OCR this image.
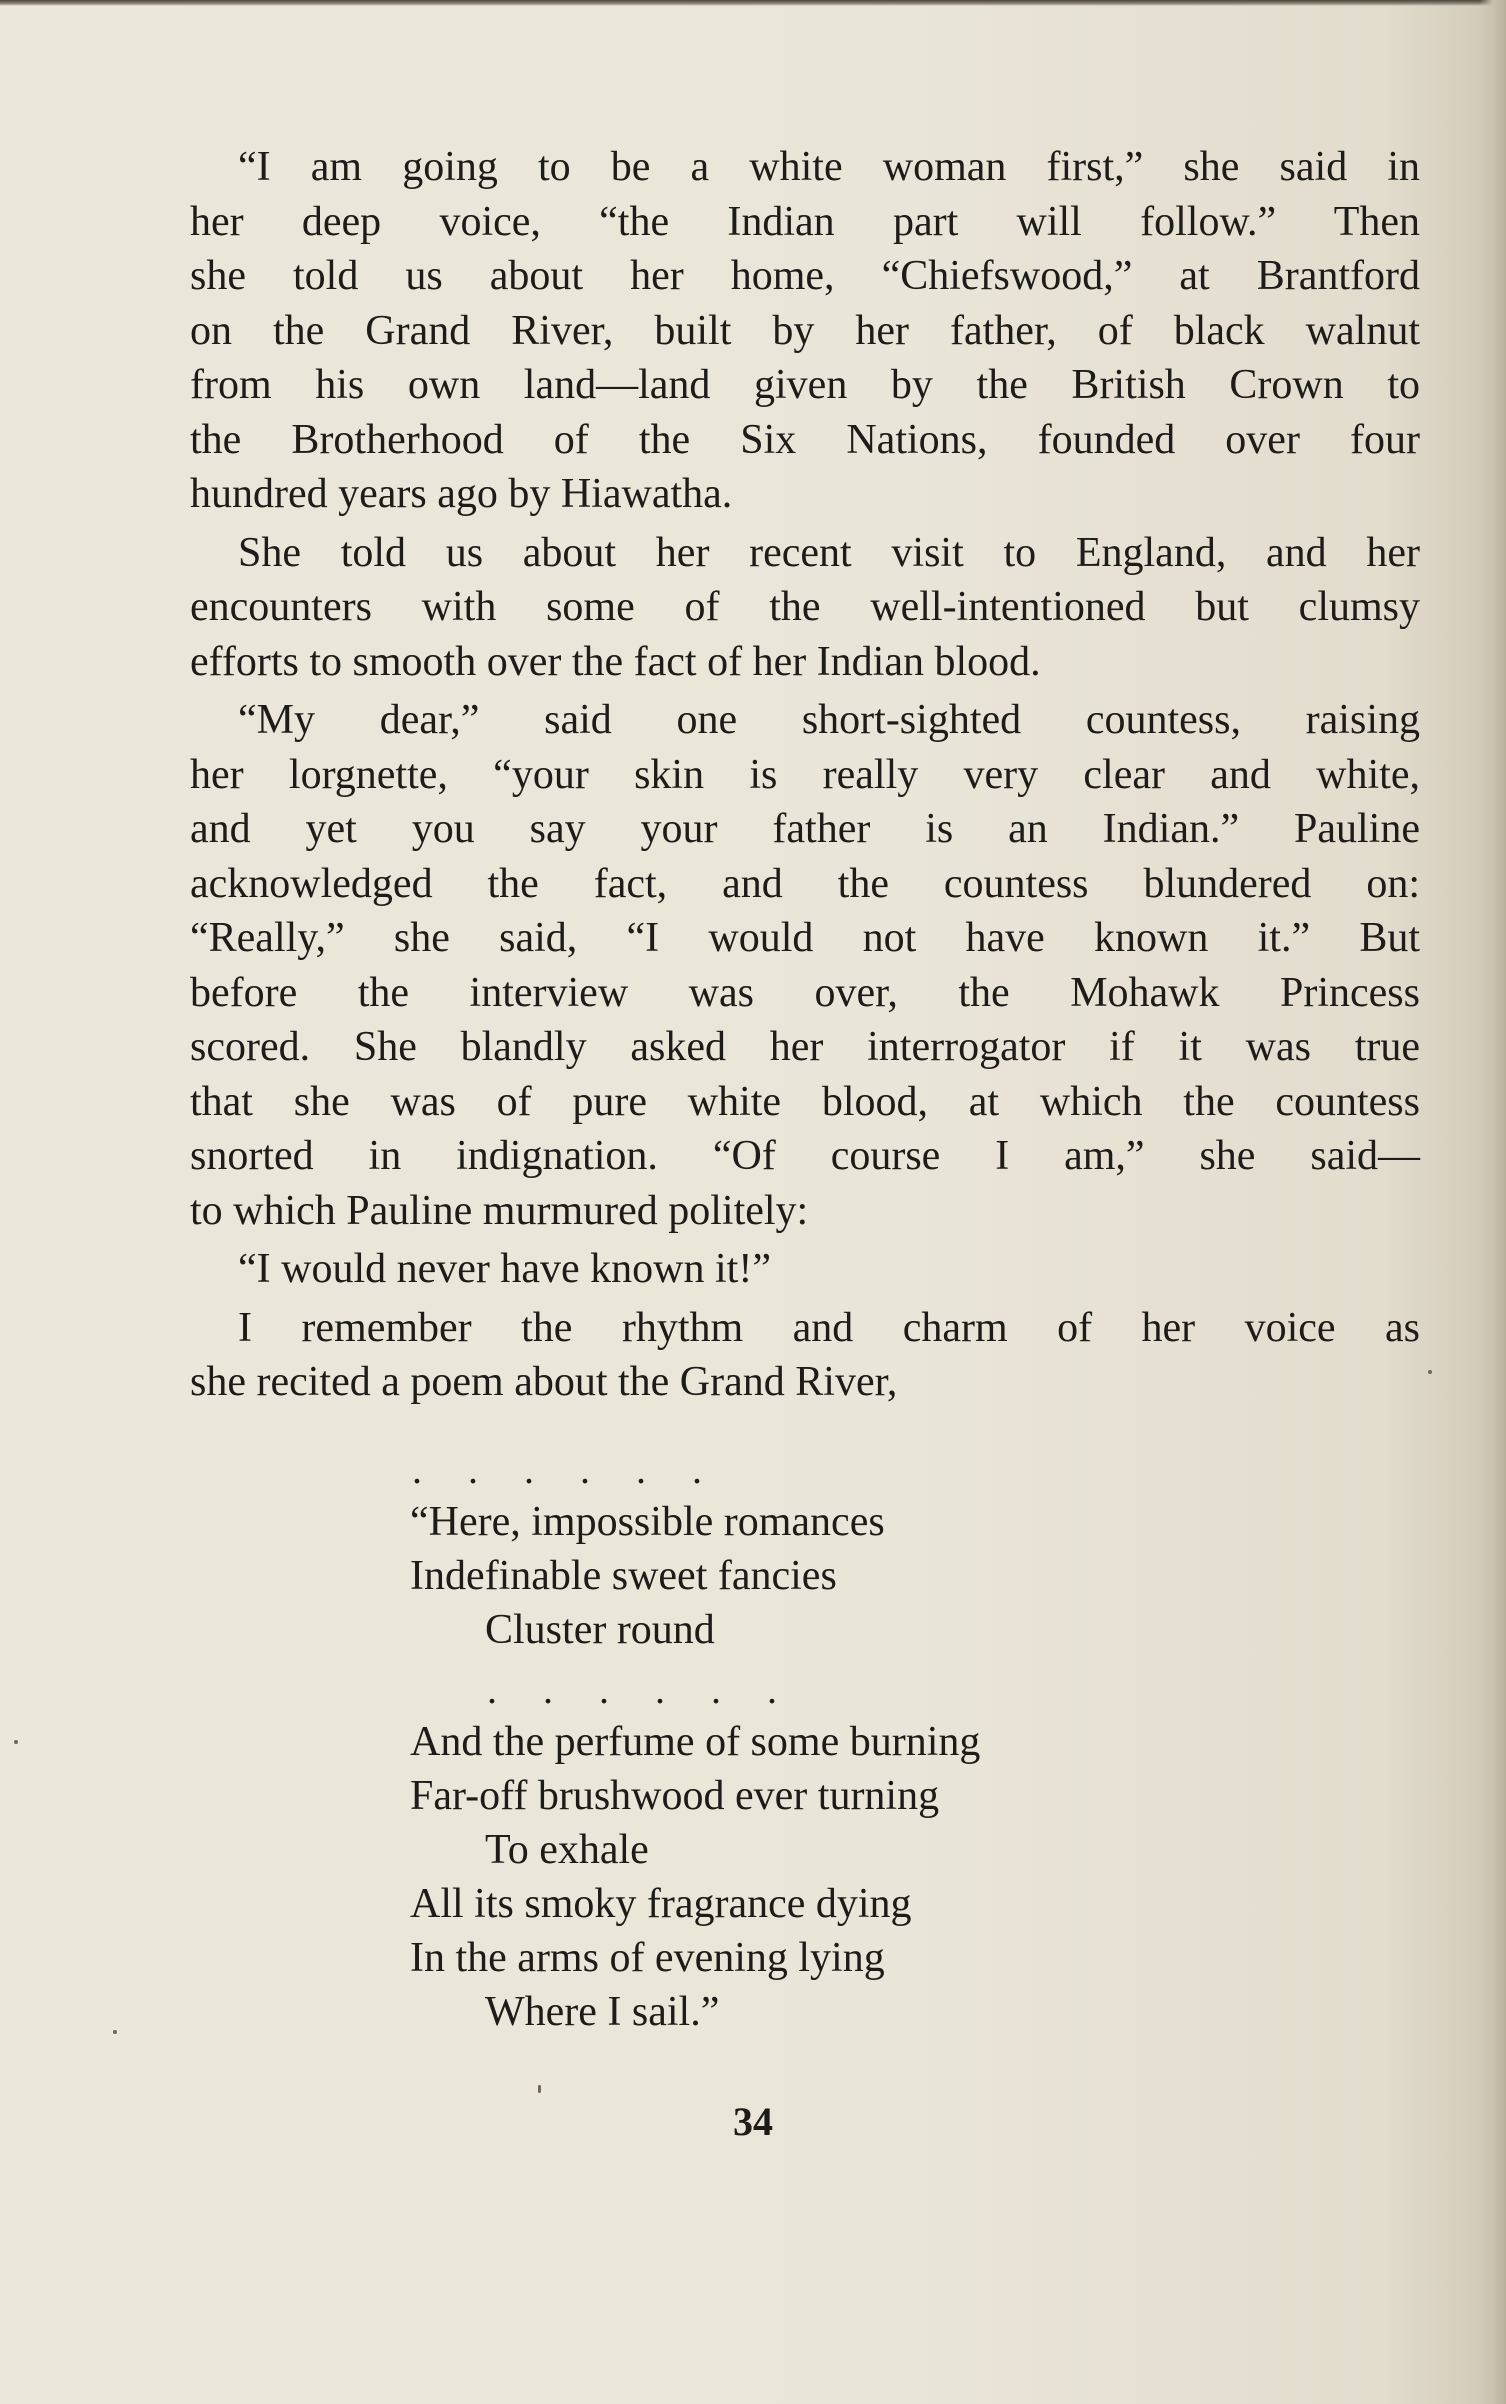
“I am going to be a white woman first,” she said in
her deep voice, “the Indian part will follow.” Then
she told us about her home, “Chiefswood,” at Brantford
on the Grand River, built by her father, of black walnut
from his own land—land given by the British Crown to
the Brotherhood of the Six Nations, founded over four
hundred years ago by Hiawatha.

She told us about her recent visit to England, and her
encounters with some of the well-intentioned but clumsy
efforts to smooth over the fact of her Indian blood.

“My dear,” said one short-sighted countess, raising
her lorgnette, “your skin is really very clear and white,
and yet you say your father is an Indian.” Pauline
acknowledged the fact, and the countess blundered on:
“Really,” she said, “I would not have known it.” But
before the interview was over, the Mohawk Princess
scored. She blandly asked her interrogator if it was true
that she was of pure white blood, at which the countess
snorted in indignation. “Of course I am,” she said—
to which Pauline murmured politely:

“I would never have known it!”

I remember the rhythm and charm of her voice as
she recited a poem about the Grand River,

. . . . . .
“Here, impossible romances
Indefinable sweet fancies
Cluster round
. . . . . .
And the perfume of some burning
Far-off brushwood ever turning
To exhale
All its smoky fragrance dying
In the arms of evening lying
Where I sail.”
34
